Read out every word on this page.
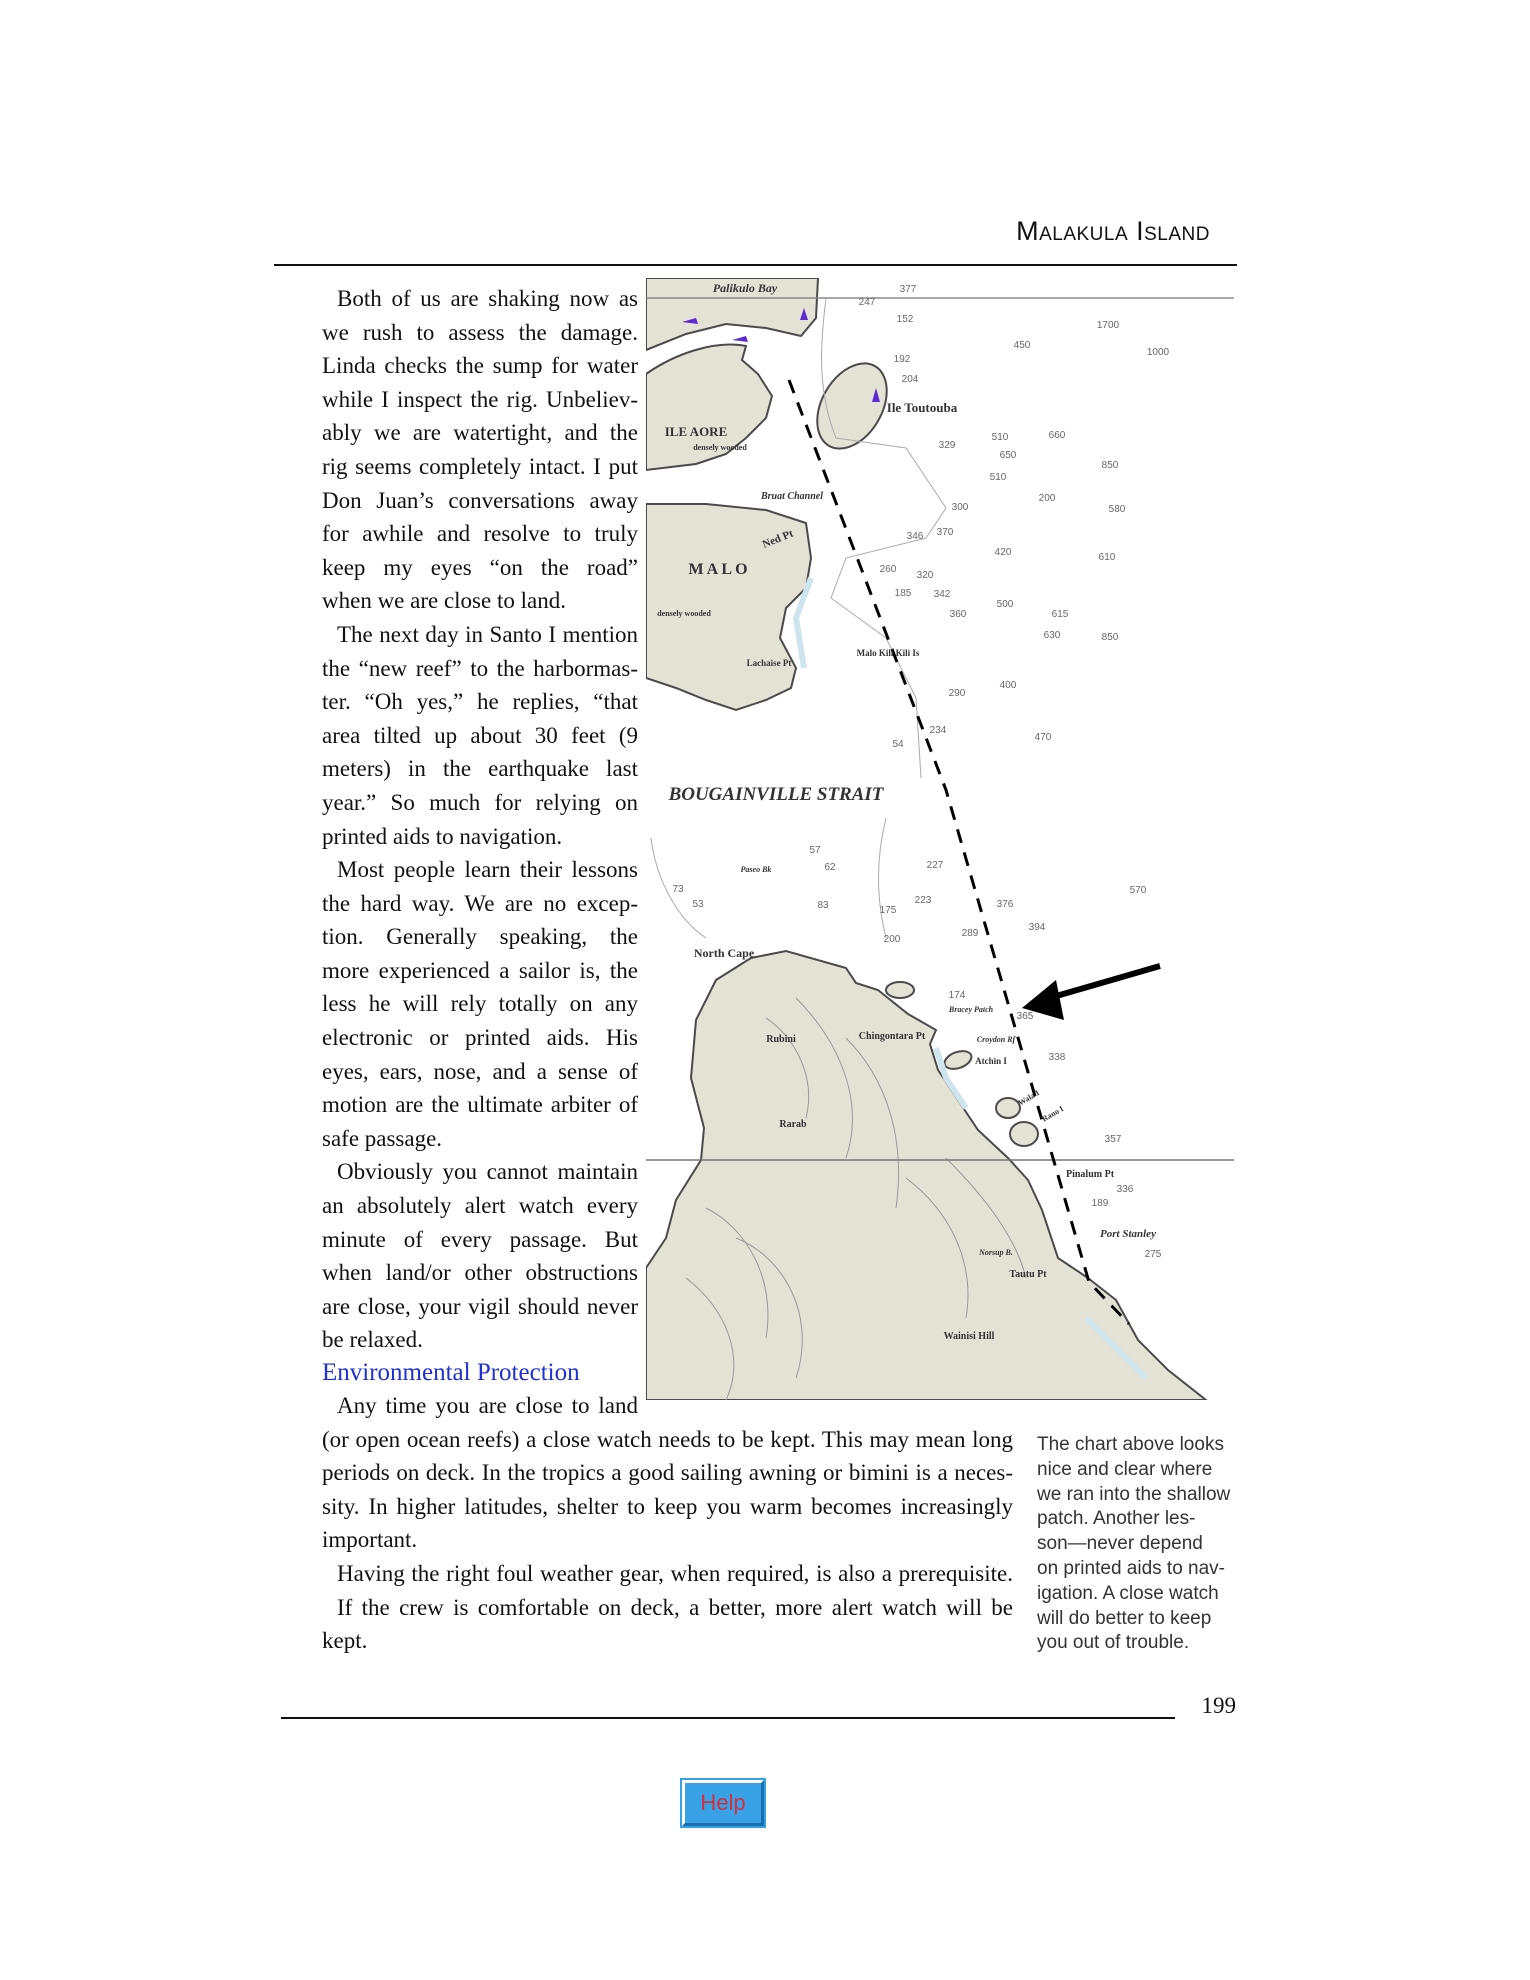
Malakula Island
Both of us are shaking now as
we rush to assess the damage.
Linda checks the sump for water
while I inspect the rig. Unbeliev-
ably we are watertight, and the
rig seems completely intact. I put
Don Juan’s conversations away
for awhile and resolve to truly
keep my eyes “on the road”
when we are close to land.
The next day in Santo I mention
the “new reef” to the harbormas-
ter. “Oh yes,” he replies, “that
area tilted up about 30 feet (9
meters) in the earthquake last
year.” So much for relying on
printed aids to navigation.
Most people learn their lessons
the hard way. We are no excep-
tion. Generally speaking, the
more experienced a sailor is, the
less he will rely totally on any
electronic or printed aids. His
eyes, ears, nose, and a sense of
motion are the ultimate arbiter of
safe passage.
Obviously you cannot maintain
an absolutely alert watch every
minute of every passage. But
when land/or other obstructions
are close, your vigil should never
be relaxed.
Environmental Protection
Any time you are close to land
(or open ocean reefs) a close watch needs to be kept. This may mean long
periods on deck. In the tropics a good sailing awning or bimini is a neces-
sity. In higher latitudes, shelter to keep you warm becomes increasingly
important.
Having the right foul weather gear, when required, is also a prerequisite.
If the crew is comfortable on deck, a better, more alert watch will be
kept.
Palikulo Bay
ILE AORE
densely wooded
Ile Toutouba
Bruat Channel
Ned Pt
M A L O
densely wooded
Lachaise Pt
Malo Kili Kili Is
BOUGAINVILLE STRAIT
Paseo Bk
North Cape
Rubini	Chingontara Pt
Bracey Patch
Croydon Rf
Atchin I
Wala I
Rano I
Rarab
Pinalum Pt
Port Stanley
Norsup B.
Tautu Pt
Wainisi Hill
377
247
152
1700
450
1000
192
204
510	660
650
329
850
510
200
580
300
370
346
420	610
260
320
342
185
500
615
360
630	850
400
290
470
234
54
227
376
570
394
223
175
289
200
83
57
62
53
73
365
338
357
336
189
275
174
The chart above looks
nice and clear where
we ran into the shallow
patch. Another les-
son—never depend
on printed aids to nav-
igation. A close watch
will do better to keep
you out of trouble.
199
Help
